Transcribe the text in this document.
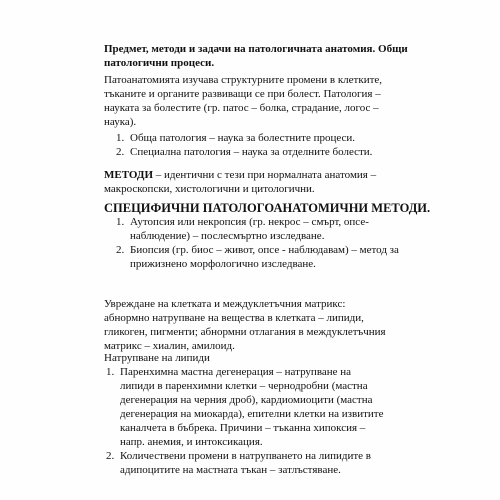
Предмет, методи и задачи на патологичната анатомия. Общи
патологични процеси.
Патоанатомията изучава структурните промени в клетките,
тъканите и органите развиващи се при болест. Патология –
науката за болестите (гр. патос – болка, страдание, логос –
наука).
1. Обща патология – наука за болестните процеси.
2. Специална патология – наука за отделните болести.
МЕТОДИ – идентични с тези при нормалната анатомия –
макроскопски, хистологични и цитологични.
СПЕЦИФИЧНИ ПАТОЛОГОАНАТОМИЧНИ МЕТОДИ.
1. Аутопсия или некропсия (гр. некрос – смърт, опсе-
наблюдение) – послесмъртно изследване.
2. Биопсия (гр. биос – живот, опсе - наблюдавам) – метод за
прижизнено морфологично изследване.
Увреждане на клетката и междуклетъчния матрикс:
абнормно натрупване на вещества в клетката – липиди,
гликоген, пигменти; абнормни отлагания в междуклетъчния
матрикс – хиалин, амилоид.
Натрупване на липиди
1. Паренхимна мастна дегенерация – натрупване на
липиди в паренхимни клетки – чернодробни (мастна
дегенерация на черния дроб), кардиомиоцити (мастна
дегенерация на миокарда), епителни клетки на извитите
каналчета в бъбрека. Причини – тъканна хипоксия –
напр. анемия, и интоксикация.
2. Количествени промени в натрупването на липидите в
адипоцитите на мастната тъкан – затлъстяване.
